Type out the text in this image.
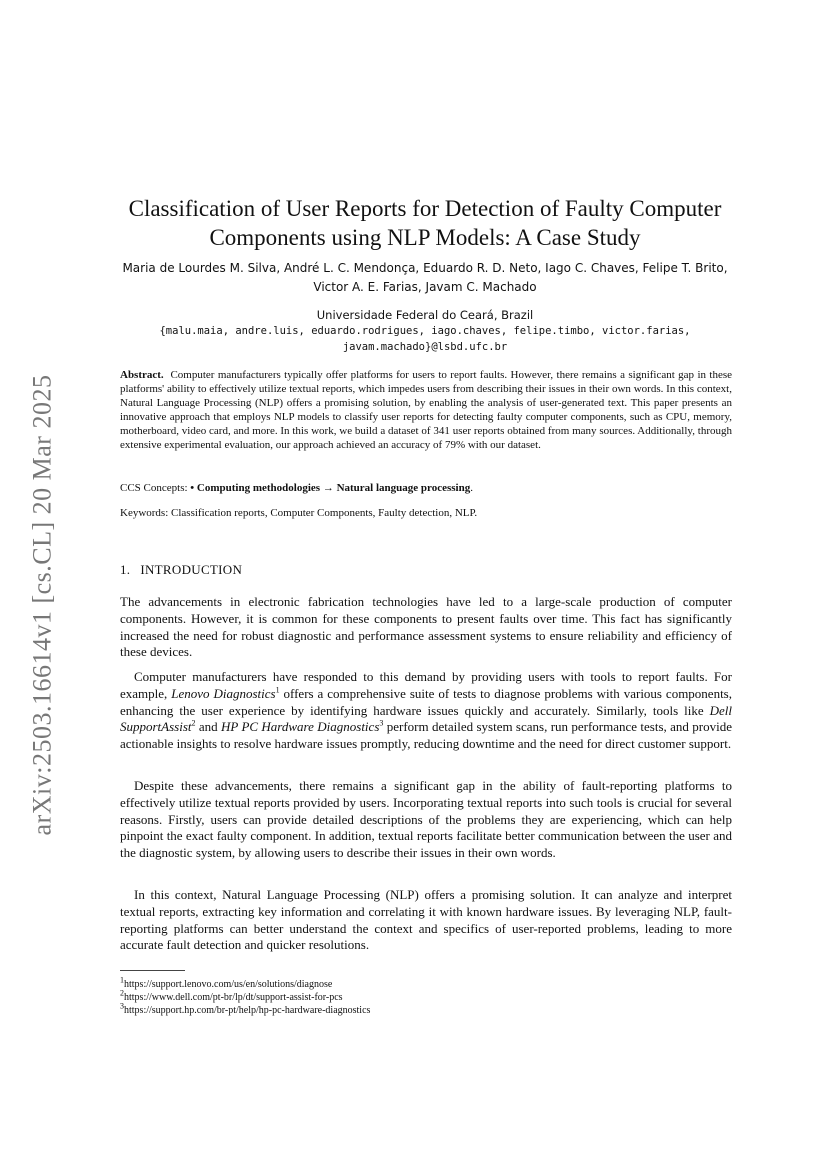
arXiv:2503.16614v1 [cs.CL] 20 Mar 2025
Classification of User Reports for Detection of Faulty Computer Components using NLP Models: A Case Study

Maria de Lourdes M. Silva, André L. C. Mendonça, Eduardo R. D. Neto, Iago C. Chaves, Felipe T. Brito, Victor A. E. Farias, Javam C. Machado

Universidade Federal do Ceará, Brazil
{malu.maia, andre.luis, eduardo.rodrigues, iago.chaves, felipe.timbo, victor.farias, javam.machado}@lsbd.ufc.br

Abstract. Computer manufacturers typically offer platforms for users to report faults. However, there remains a significant gap in these platforms' ability to effectively utilize textual reports, which impedes users from describing their issues in their own words. In this context, Natural Language Processing (NLP) offers a promising solution, by enabling the analysis of user-generated text. This paper presents an innovative approach that employs NLP models to classify user reports for detecting faulty computer components, such as CPU, memory, motherboard, video card, and more. In this work, we build a dataset of 341 user reports obtained from many sources. Additionally, through extensive experimental evaluation, our approach achieved an accuracy of 79% with our dataset.

CCS Concepts: • Computing methodologies → Natural language processing.

Keywords: Classification reports, Computer Components, Faulty detection, NLP.

1. INTRODUCTION

The advancements in electronic fabrication technologies have led to a large-scale production of computer components. However, it is common for these components to present faults over time. This fact has significantly increased the need for robust diagnostic and performance assessment systems to ensure reliability and efficiency of these devices.

Computer manufacturers have responded to this demand by providing users with tools to report faults. For example, Lenovo Diagnostics$^1$ offers a comprehensive suite of tests to diagnose problems with various components, enhancing the user experience by identifying hardware issues quickly and accurately. Similarly, tools like Dell SupportAssist$^2$ and HP PC Hardware Diagnostics$^3$ perform detailed system scans, run performance tests, and provide actionable insights to resolve hardware issues promptly, reducing downtime and the need for direct customer support.

Despite these advancements, there remains a significant gap in the ability of fault-reporting platforms to effectively utilize textual reports provided by users. Incorporating textual reports into such tools is crucial for several reasons. Firstly, users can provide detailed descriptions of the problems they are experiencing, which can help pinpoint the exact faulty component. In addition, textual reports facilitate better communication between the user and the diagnostic system, by allowing users to describe their issues in their own words.

In this context, Natural Language Processing (NLP) offers a promising solution. It can analyze and interpret textual reports, extracting key information and correlating it with known hardware issues. By leveraging NLP, fault-reporting platforms can better understand the context and specifics of user-reported problems, leading to more accurate fault detection and quicker resolutions.

$^1$https://support.lenovo.com/us/en/solutions/diagnose

$^2$https://www.dell.com/pt-br/lp/dt/support-assist-for-pcs

$^3$https://support.hp.com/br-pt/help/hp-pc-hardware-diagnostics
